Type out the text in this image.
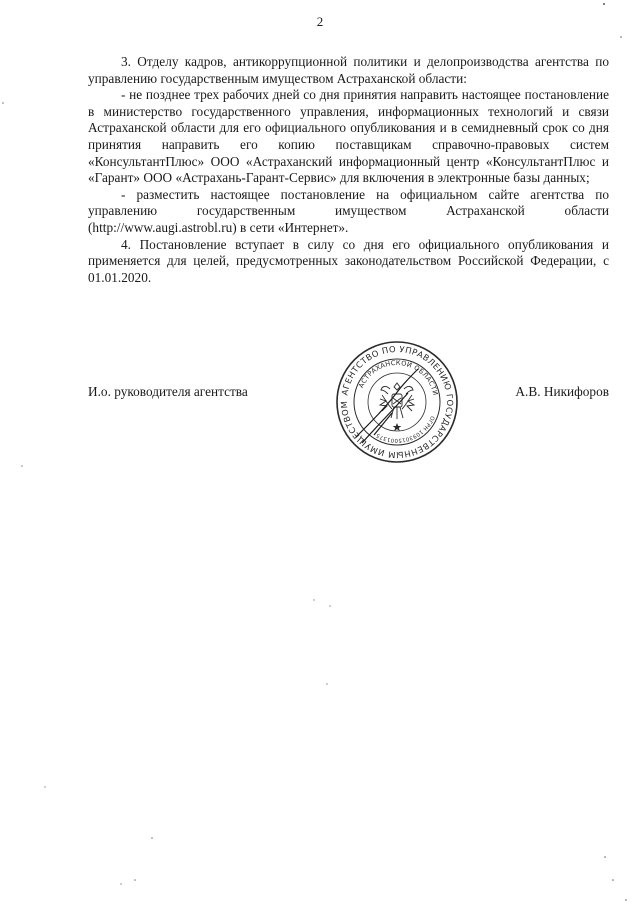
2

3. Отделу кадров, антикоррупционной политики и делопроизводства агентства по управлению государственным имуществом Астраханской области:

- не позднее трех рабочих дней со дня принятия направить настоящее постановление в министерство государственного управления, информационных технологий и связи Астраханской области для его официального опубликования и в семидневный срок со дня принятия направить его копию поставщикам справочно-правовых систем «КонсультантПлюс» ООО «Астраханский информационный центр «КонсультантПлюс и «Гарант» ООО «Астрахань-Гарант-Сервис» для включения в электронные базы данных;

- разместить настоящее постановление на официальном сайте агентства по управлению государственным имуществом Астраханской области (http://www.augi.astrobl.ru) в сети «Интернет».

4. Постановление вступает в силу со дня его официального опубликования и применяется для целей, предусмотренных законодательством Российской Федерации, с 01.01.2020.

И.о. руководителя агентства	А.В. Никифоров
АГЕНТСТВО ПО УПРАВЛЕНИЮ ГОСУДАРСТВЕННЫМ ИМУЩЕСТВОМ
АСТРАХАНСКОЙ ОБЛАСТИ
ОГРН 1093015001375
